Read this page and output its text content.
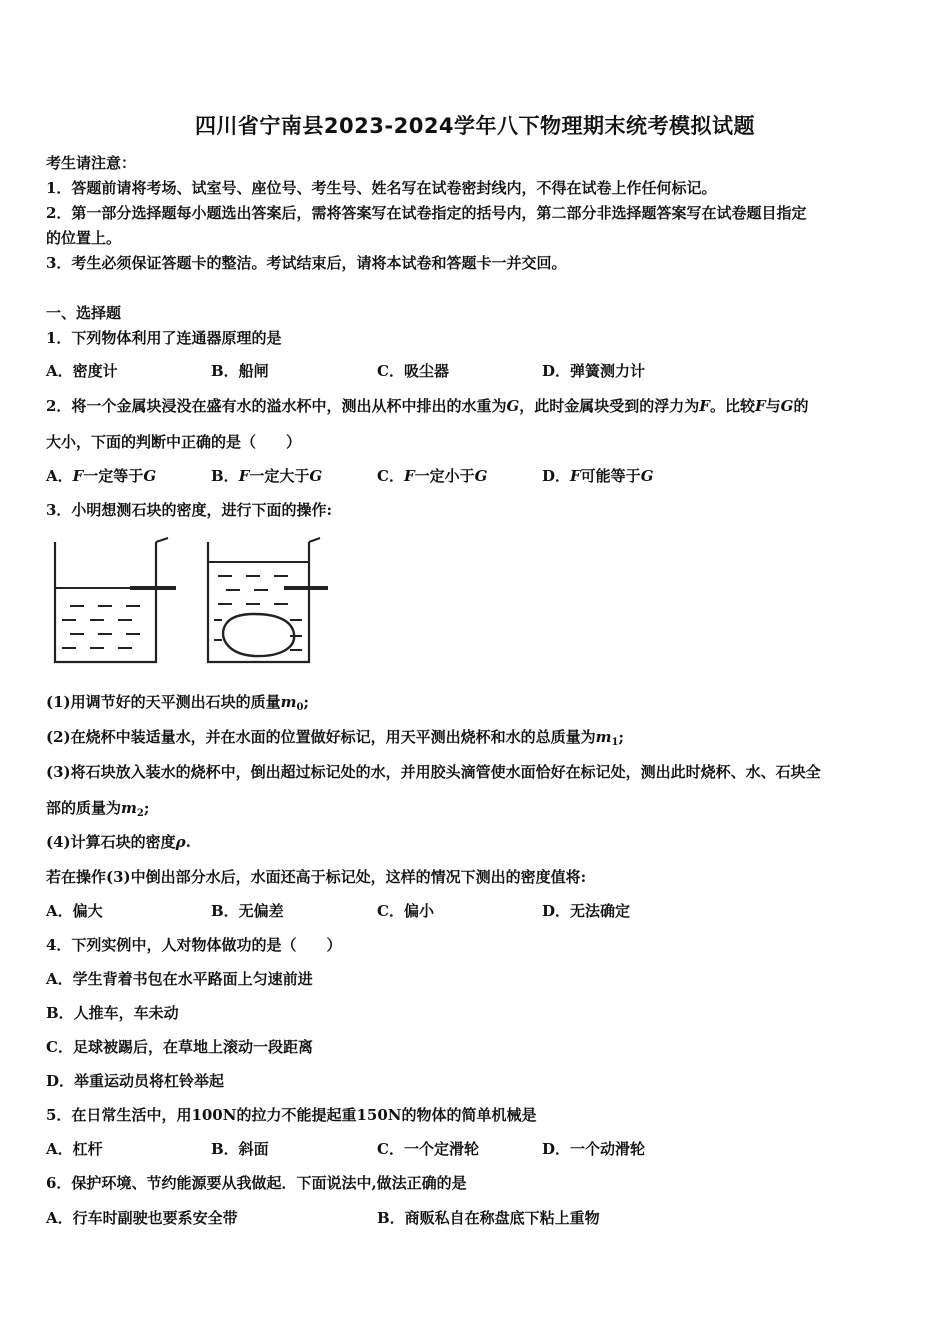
四川省宁南县2023-2024学年八下物理期末统考模拟试题
考生请注意：
1．答题前请将考场、试室号、座位号、考生号、姓名写在试卷密封线内，不得在试卷上作任何标记。
2．第一部分选择题每小题选出答案后，需将答案写在试卷指定的括号内，第二部分非选择题答案写在试卷题目指定
的位置上。
3．考生必须保证答题卡的整洁。考试结束后，请将本试卷和答题卡一并交回。
一、选择题
1．下列物体利用了连通器原理的是
A．密度计	B．船闸	C．吸尘器	D．弹簧测力计
2．将一个金属块浸没在盛有水的溢水杯中，测出从杯中排出的水重为G，此时金属块受到的浮力为F。比较F与G的
大小，下面的判断中正确的是（　　）
A．F一定等于G	B．F一定大于G	C．F一定小于G	D．F可能等于G
3．小明想测石块的密度，进行下面的操作:
(1)用调节好的天平测出石块的质量$m_0$;
(2)在烧杯中装适量水，并在水面的位置做好标记，用天平测出烧杯和水的总质量为$m_1$;
(3)将石块放入装水的烧杯中，倒出超过标记处的水，并用胶头滴管使水面恰好在标记处，测出此时烧杯、水、石块全
部的质量为$m_2$;
(4)计算石块的密度ρ.
若在操作(3)中倒出部分水后，水面还高于标记处，这样的情况下测出的密度值将:
A．偏大	B．无偏差	C．偏小	D．无法确定
4．下列实例中，人对物体做功的是（　　）
A．学生背着书包在水平路面上匀速前进
B．人推车，车未动
C．足球被踢后，在草地上滚动一段距离
D．举重运动员将杠铃举起
5．在日常生活中，用100N的拉力不能提起重150N的物体的简单机械是
A．杠杆	B．斜面	C．一个定滑轮	D．一个动滑轮
6．保护环境、节约能源要从我做起．下面说法中,做法正确的是
A．行车时副驶也要系安全带	B．商贩私自在称盘底下粘上重物
